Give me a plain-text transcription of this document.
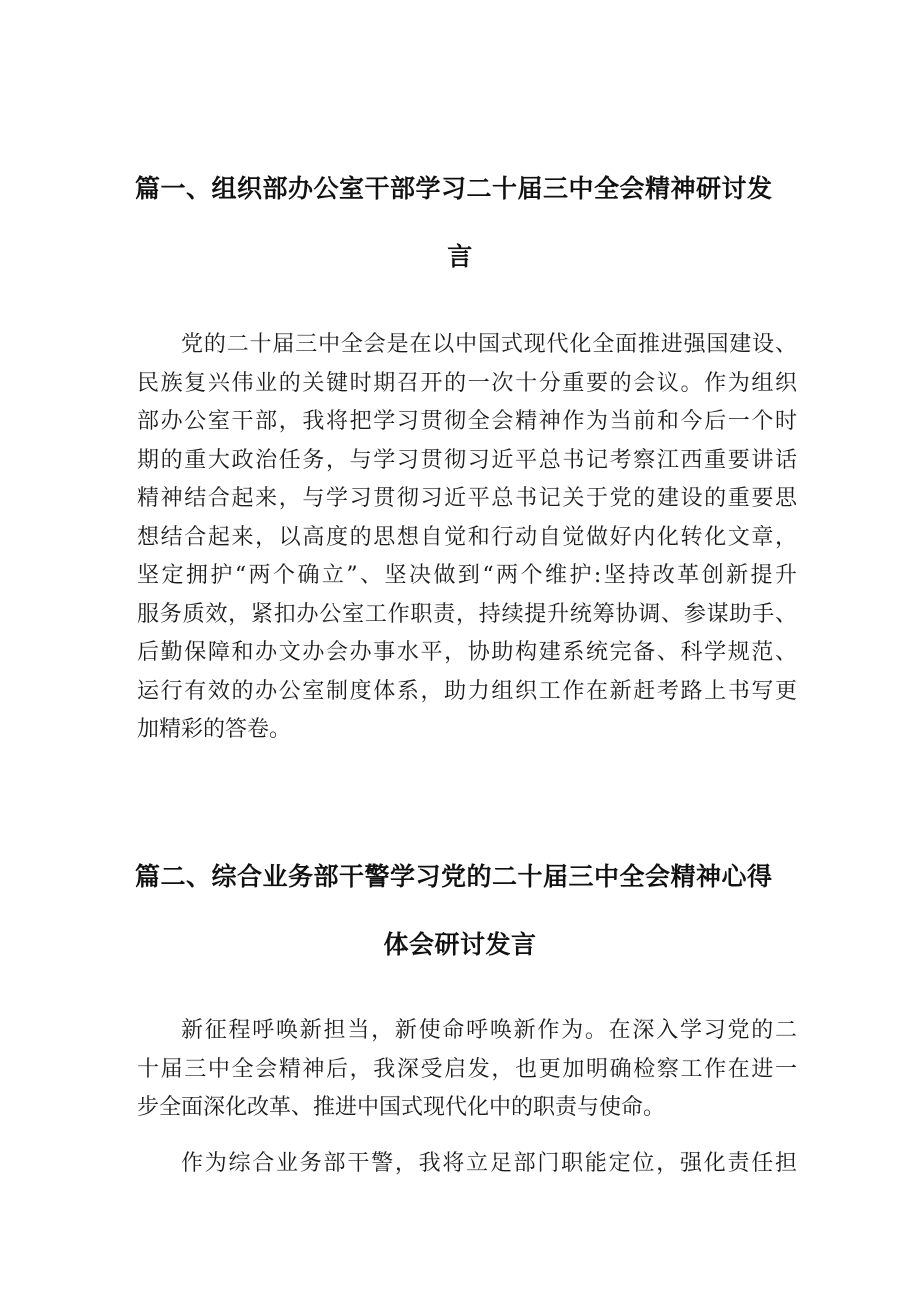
篇一、组织部办公室干部学习二十届三中全会精神研讨发
言
党的二十届三中全会是在以中国式现代化全面推进强国建设、
民族复兴伟业的关键时期召开的一次十分重要的会议。作为组织
部办公室干部，我将把学习贯彻全会精神作为当前和今后一个时
期的重大政治任务，与学习贯彻习近平总书记考察江西重要讲话
精神结合起来，与学习贯彻习近平总书记关于党的建设的重要思
想结合起来，以高度的思想自觉和行动自觉做好内化转化文章，
坚定拥护“两个确立”、坚决做到“两个维护:坚持改革创新提升
服务质效，紧扣办公室工作职责，持续提升统筹协调、参谋助手、
后勤保障和办文办会办事水平，协助构建系统完备、科学规范、
运行有效的办公室制度体系，助力组织工作在新赶考路上书写更
加精彩的答卷。
篇二、综合业务部干警学习党的二十届三中全会精神心得
体会研讨发言
新征程呼唤新担当，新使命呼唤新作为。在深入学习党的二
十届三中全会精神后，我深受启发，也更加明确检察工作在进一
步全面深化改革、推进中国式现代化中的职责与使命。
作为综合业务部干警，我将立足部门职能定位，强化责任担
